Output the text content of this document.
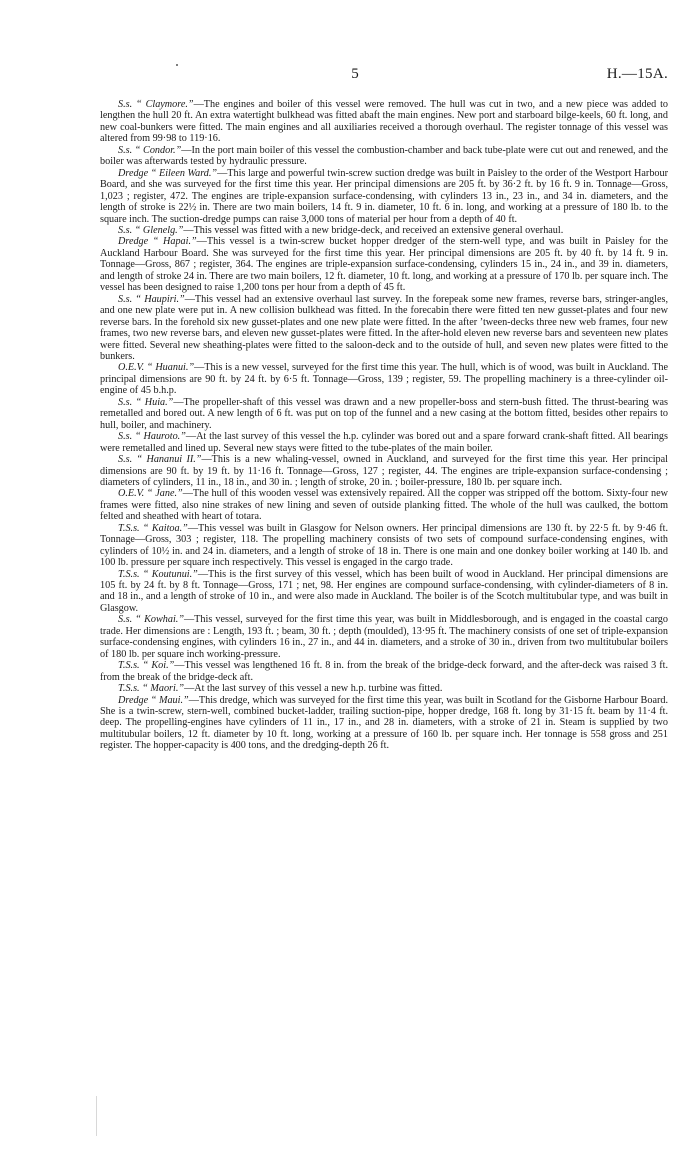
5	H.—15A.

S.s. “ Claymore.”—The engines and boiler of this vessel were removed. The hull was cut in two, and a new piece was added to lengthen the hull 20 ft. An extra watertight bulkhead was fitted abaft the main engines. New port and starboard bilge-keels, 60 ft. long, and new coal-bunkers were fitted. The main engines and all auxiliaries received a thorough overhaul. The register tonnage of this vessel was altered from 99·98 to 119·16.

S.s. “ Condor.”—In the port main boiler of this vessel the combustion-chamber and back tube-plate were cut out and renewed, and the boiler was afterwards tested by hydraulic pressure.

Dredge “ Eileen Ward.”—This large and powerful twin-screw suction dredge was built in Paisley to the order of the Westport Harbour Board, and she was surveyed for the first time this year. Her principal dimensions are 205 ft. by 36·2 ft. by 16 ft. 9 in. Tonnage—Gross, 1,023 ; register, 472. The engines are triple-expansion surface-condensing, with cylinders 13 in., 23 in., and 34 in. diameters, and the length of stroke is 22½ in. There are two main boilers, 14 ft. 9 in. diameter, 10 ft. 6 in. long, and working at a pressure of 180 lb. to the square inch. The suction-dredge pumps can raise 3,000 tons of material per hour from a depth of 40 ft.

S.s. “ Glenelg.”—This vessel was fitted with a new bridge-deck, and received an extensive general overhaul.

Dredge “ Hapai.”—This vessel is a twin-screw bucket hopper dredger of the stern-well type, and was built in Paisley for the Auckland Harbour Board. She was surveyed for the first time this year. Her principal dimensions are 205 ft. by 40 ft. by 14 ft. 9 in. Tonnage—Gross, 867 ; register, 364. The engines are triple-expansion surface-condensing, cylinders 15 in., 24 in., and 39 in. diameters, and length of stroke 24 in. There are two main boilers, 12 ft. diameter, 10 ft. long, and working at a pressure of 170 lb. per square inch. The vessel has been designed to raise 1,200 tons per hour from a depth of 45 ft.

S.s. “ Haupiri.”—This vessel had an extensive overhaul last survey. In the forepeak some new frames, reverse bars, stringer-angles, and one new plate were put in. A new collision bulkhead was fitted. In the forecabin there were fitted ten new gusset-plates and four new reverse bars. In the forehold six new gusset-plates and one new plate were fitted. In the after ’tween-decks three new web frames, four new frames, two new reverse bars, and eleven new gusset-plates were fitted. In the after-hold eleven new reverse bars and seventeen new plates were fitted. Several new sheathing-plates were fitted to the saloon-deck and to the outside of hull, and seven new plates were fitted to the bunkers.

O.E.V. “ Huanui.”—This is a new vessel, surveyed for the first time this year. The hull, which is of wood, was built in Auckland. The principal dimensions are 90 ft. by 24 ft. by 6·5 ft. Tonnage—Gross, 139 ; register, 59. The propelling machinery is a three-cylinder oil-engine of 45 b.h.p.

S.s. “ Huia.”—The propeller-shaft of this vessel was drawn and a new propeller-boss and stern-bush fitted. The thrust-bearing was remetalled and bored out. A new length of 6 ft. was put on top of the funnel and a new casing at the bottom fitted, besides other repairs to hull, boiler, and machinery.

S.s. “ Hauroto.”—At the last survey of this vessel the h.p. cylinder was bored out and a spare forward crank-shaft fitted. All bearings were remetalled and lined up. Several new stays were fitted to the tube-plates of the main boiler.

S.s. “ Hananui II.”—This is a new whaling-vessel, owned in Auckland, and surveyed for the first time this year. Her principal dimensions are 90 ft. by 19 ft. by 11·16 ft. Tonnage—Gross, 127 ; register, 44. The engines are triple-expansion surface-condensing ; diameters of cylinders, 11 in., 18 in., and 30 in. ; length of stroke, 20 in. ; boiler-pressure, 180 lb. per square inch.

O.E.V. “ Jane.”—The hull of this wooden vessel was extensively repaired. All the copper was stripped off the bottom. Sixty-four new frames were fitted, also nine strakes of new lining and seven of outside planking fitted. The whole of the hull was caulked, the bottom felted and sheathed with heart of totara.

T.S.s. “ Kaitoa.”—This vessel was built in Glasgow for Nelson owners. Her principal dimensions are 130 ft. by 22·5 ft. by 9·46 ft. Tonnage—Gross, 303 ; register, 118. The propelling machinery consists of two sets of compound surface-condensing engines, with cylinders of 10½ in. and 24 in. diameters, and a length of stroke of 18 in. There is one main and one donkey boiler working at 140 lb. and 100 lb. pressure per square inch respectively. This vessel is engaged in the cargo trade.

T.S.s. “ Koutunui.”—This is the first survey of this vessel, which has been built of wood in Auckland. Her principal dimensions are 105 ft. by 24 ft. by 8 ft. Tonnage—Gross, 171 ; net, 98. Her engines are compound surface-condensing, with cylinder-diameters of 8 in. and 18 in., and a length of stroke of 10 in., and were also made in Auckland. The boiler is of the Scotch multitubular type, and was built in Glasgow.

S.s. “ Kowhai.”—This vessel, surveyed for the first time this year, was built in Middlesborough, and is engaged in the coastal cargo trade. Her dimensions are : Length, 193 ft. ; beam, 30 ft. ; depth (moulded), 13·95 ft. The machinery consists of one set of triple-expansion surface-condensing engines, with cylinders 16 in., 27 in., and 44 in. diameters, and a stroke of 30 in., driven from two multitubular boilers of 180 lb. per square inch working-pressure.

T.S.s. “ Koi.”—This vessel was lengthened 16 ft. 8 in. from the break of the bridge-deck forward, and the after-deck was raised 3 ft. from the break of the bridge-deck aft.

T.S.s. “ Maori.”—At the last survey of this vessel a new h.p. turbine was fitted.

Dredge “ Maui.”—This dredge, which was surveyed for the first time this year, was built in Scotland for the Gisborne Harbour Board. She is a twin-screw, stern-well, combined bucket-ladder, trailing suction-pipe, hopper dredge, 168 ft. long by 31·15 ft. beam by 11·4 ft. deep. The propelling-engines have cylinders of 11 in., 17 in., and 28 in. diameters, with a stroke of 21 in. Steam is supplied by two multitubular boilers, 12 ft. diameter by 10 ft. long, working at a pressure of 160 lb. per square inch. Her tonnage is 558 gross and 251 register. The hopper-capacity is 400 tons, and the dredging-depth 26 ft.
